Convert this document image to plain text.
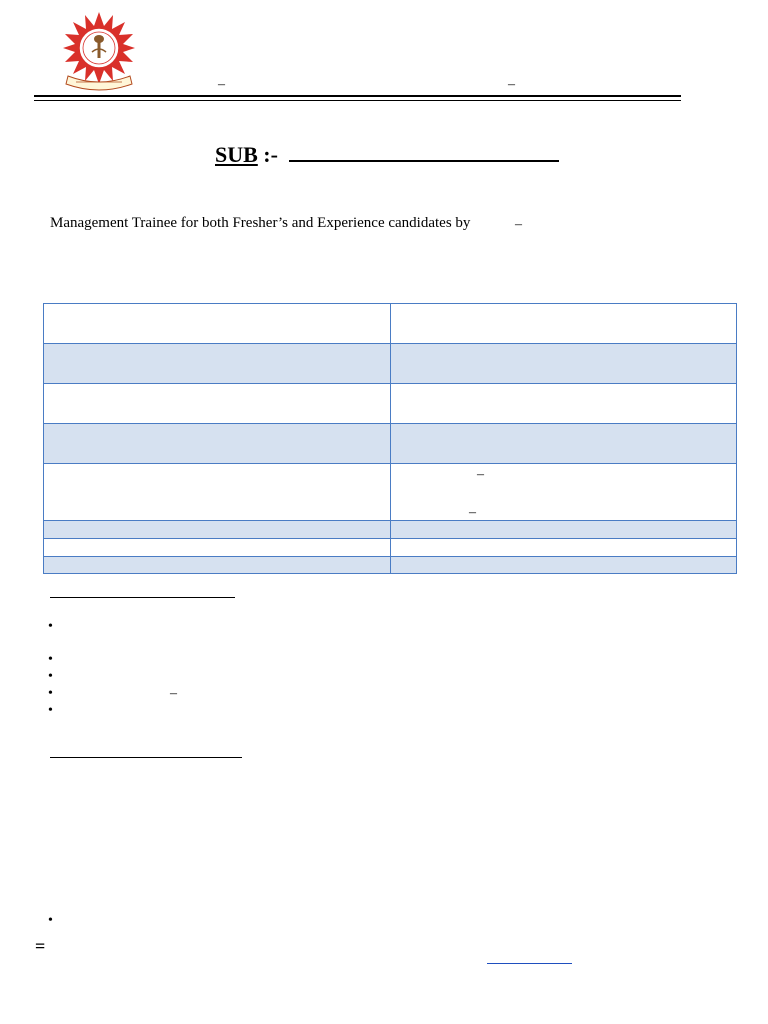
–	–
SUB :-
Management Trainee for both Fresher’s and Experience candidates by	–

–
–
•
•
•
•	–
•
•
=
